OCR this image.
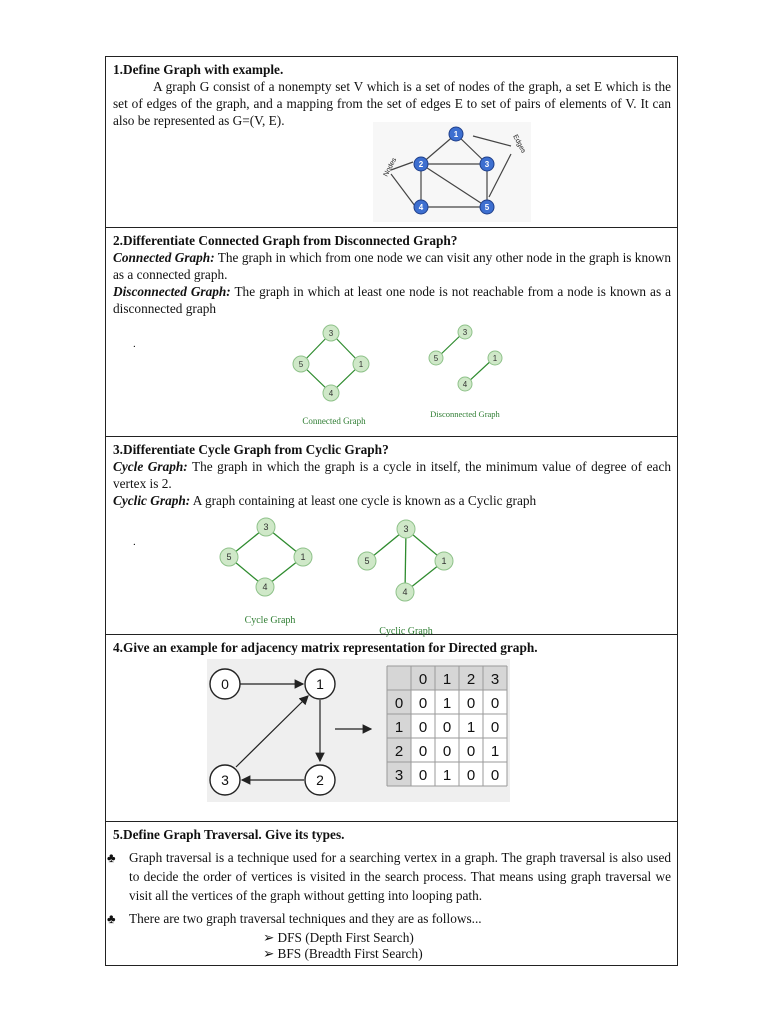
1.Define Graph with example.
A graph G consist of a nonempty set V which is a set of nodes of the graph, a set E which is the set of edges of the graph, and a mapping from the set of edges E to set of pairs of elements of V. It can also be represented as G=(V, E).
Nodes
Edges
1
2	3
4	5
2.Differentiate Connected Graph from Disconnected Graph?
Connected Graph: The graph in which from one node we can visit any other node in the graph is known as a connected graph.
Disconnected Graph: The graph in which at least one node is not reachable from a node is known as a disconnected graph
.
3
5	1
4
Connected Graph
3
5	1
4
Disconnected Graph
3.Differentiate Cycle Graph from Cyclic Graph?
Cycle Graph: The graph in which the graph is a cycle in itself, the minimum value of degree of each vertex is 2.
Cyclic Graph: A graph containing at least one cycle is known as a Cyclic graph
.
3
5	1
4
Cycle Graph
3
5	1
4
Cyclic Graph
4.Give an example for adjacency matrix representation for Directed graph.
0	1
2
3
0 1 2 3
0 0 1 0 0
1 0 0 1 0
2 0 0 0 1
3 0 1 0 0
5.Define Graph Traversal. Give its types.
♣ Graph traversal is a technique used for a searching vertex in a graph. The graph traversal is also used to decide the order of vertices is visited in the search process. That means using graph traversal we visit all the vertices of the graph without getting into looping path.
♣ There are two graph traversal techniques and they are as follows...
➢ DFS (Depth First Search)
➢ BFS (Breadth First Search)
